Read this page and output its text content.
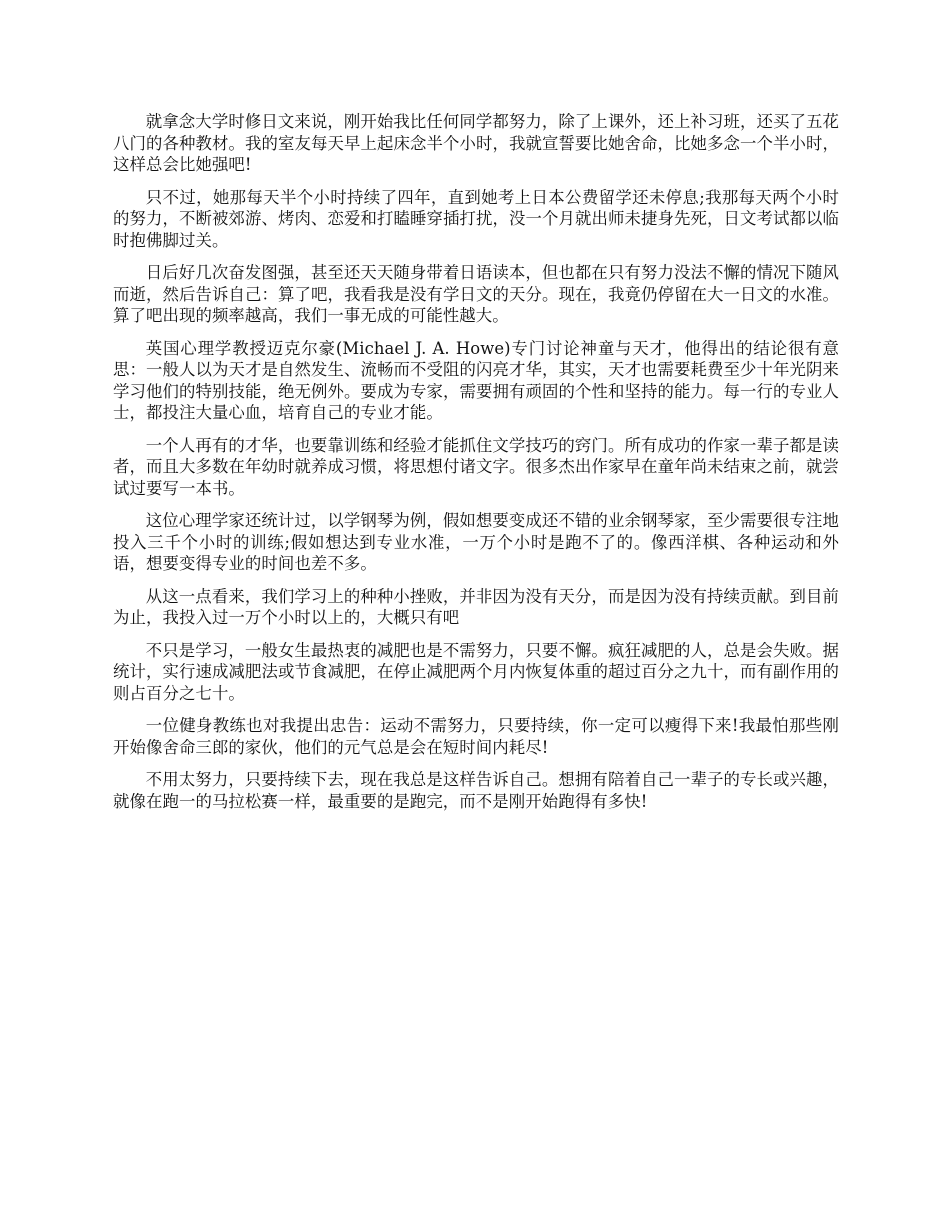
就拿念大学时修日文来说，刚开始我比任何同学都努力，除了上课外，还上补习班，还买了五花八门的各种教材。我的室友每天早上起床念半个小时，我就宣誓要比她舍命，比她多念一个半小时，这样总会比她强吧!

只不过，她那每天半个小时持续了四年，直到她考上日本公费留学还未停息;我那每天两个小时的努力，不断被郊游、烤肉、恋爱和打瞌睡穿插打扰，没一个月就出师未捷身先死，日文考试都以临时抱佛脚过关。

日后好几次奋发图强，甚至还天天随身带着日语读本，但也都在只有努力没法不懈的情况下随风而逝，然后告诉自己：算了吧，我看我是没有学日文的天分。现在，我竟仍停留在大一日文的水准。算了吧出现的频率越高，我们一事无成的可能性越大。

英国心理学教授迈克尔豪(Michael J. A. Howe)专门讨论神童与天才，他得出的结论很有意思：一般人以为天才是自然发生、流畅而不受阻的闪亮才华，其实，天才也需要耗费至少十年光阴来学习他们的特别技能，绝无例外。要成为专家，需要拥有顽固的个性和坚持的能力。每一行的专业人士，都投注大量心血，培育自己的专业才能。

一个人再有的才华，也要靠训练和经验才能抓住文学技巧的窍门。所有成功的作家一辈子都是读者，而且大多数在年幼时就养成习惯，将思想付诸文字。很多杰出作家早在童年尚未结束之前，就尝试过要写一本书。

这位心理学家还统计过，以学钢琴为例，假如想要变成还不错的业余钢琴家，至少需要很专注地投入三千个小时的训练;假如想达到专业水准，一万个小时是跑不了的。像西洋棋、各种运动和外语，想要变得专业的时间也差不多。

从这一点看来，我们学习上的种种小挫败，并非因为没有天分，而是因为没有持续贡献。到目前为止，我投入过一万个小时以上的，大概只有吧

不只是学习，一般女生最热衷的减肥也是不需努力，只要不懈。疯狂减肥的人，总是会失败。据统计，实行速成减肥法或节食减肥，在停止减肥两个月内恢复体重的超过百分之九十，而有副作用的则占百分之七十。

一位健身教练也对我提出忠告：运动不需努力，只要持续，你一定可以瘦得下来!我最怕那些刚开始像舍命三郎的家伙，他们的元气总是会在短时间内耗尽!

不用太努力，只要持续下去，现在我总是这样告诉自己。想拥有陪着自己一辈子的专长或兴趣，就像在跑一的马拉松赛一样，最重要的是跑完，而不是刚开始跑得有多快!
